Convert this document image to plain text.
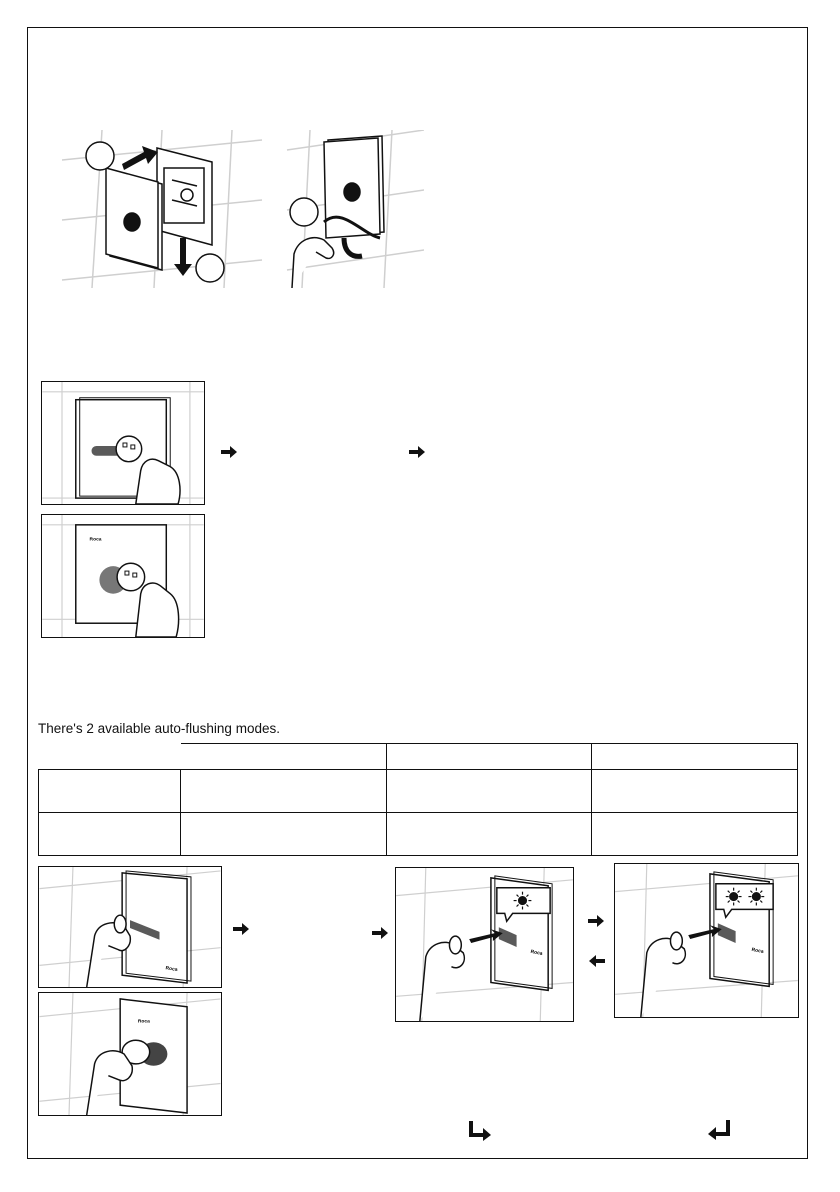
Roca
There's 2 available auto-flushing modes.

Roca
Roca
Roca	Roca
